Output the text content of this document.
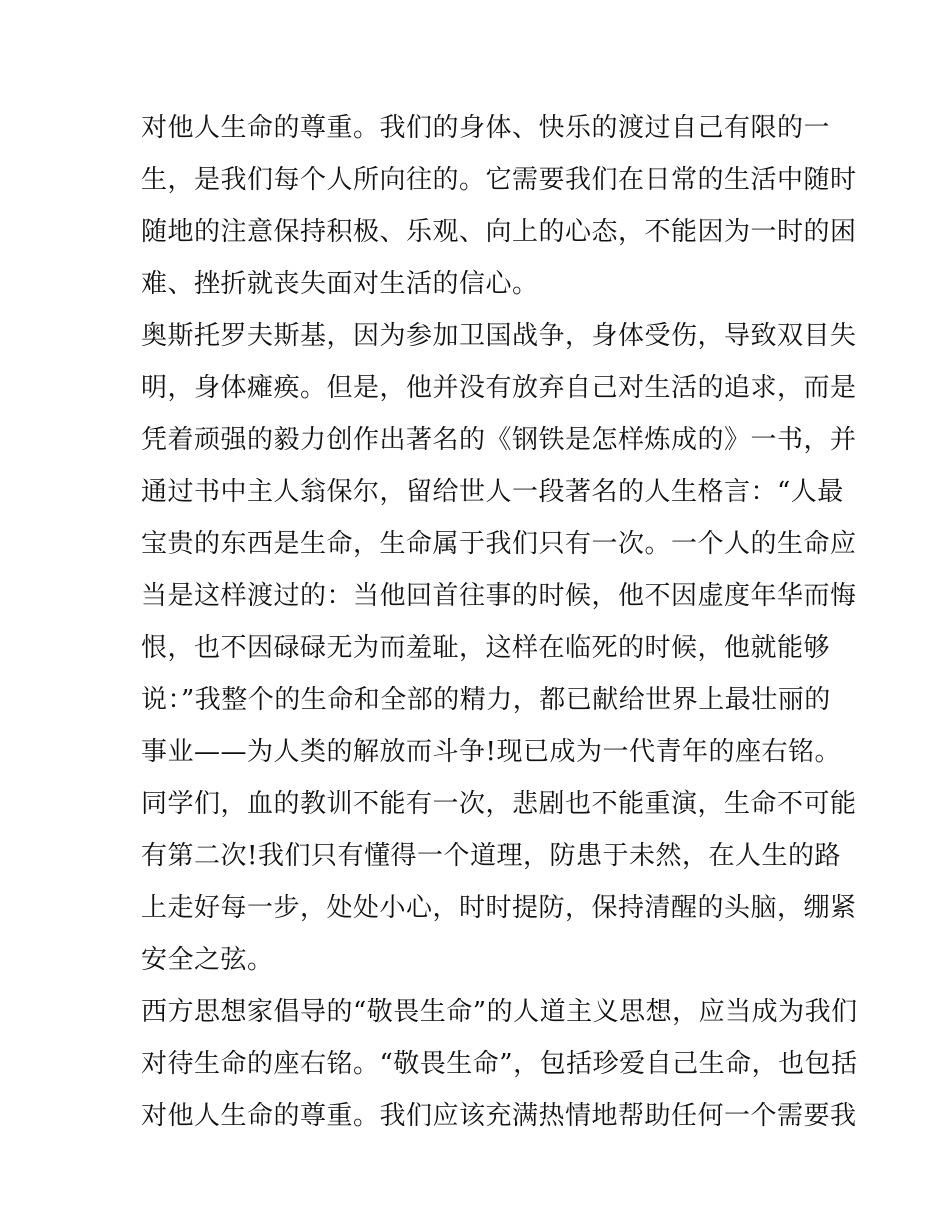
对他人生命的尊重。我们的身体、快乐的渡过自己有限的一
生，是我们每个人所向往的。它需要我们在日常的生活中随时
随地的注意保持积极、乐观、向上的心态，不能因为一时的困
难、挫折就丧失面对生活的信心。
奥斯托罗夫斯基，因为参加卫国战争，身体受伤，导致双目失
明，身体瘫痪。但是，他并没有放弃自己对生活的追求，而是
凭着顽强的毅力创作出著名的《钢铁是怎样炼成的》一书，并
通过书中主人翁保尔，留给世人一段著名的人生格言：“人最
宝贵的东西是生命，生命属于我们只有一次。一个人的生命应
当是这样渡过的：当他回首往事的时候，他不因虚度年华而悔
恨，也不因碌碌无为而羞耻，这样在临死的时候，他就能够
说：”我整个的生命和全部的精力，都已献给世界上最壮丽的
事业——为人类的解放而斗争!现已成为一代青年的座右铭。
同学们，血的教训不能有一次，悲剧也不能重演，生命不可能
有第二次!我们只有懂得一个道理，防患于未然，在人生的路
上走好每一步，处处小心，时时提防，保持清醒的头脑，绷紧
安全之弦。
西方思想家倡导的“敬畏生命”的人道主义思想，应当成为我们
对待生命的座右铭。“敬畏生命”，包括珍爱自己生命，也包括
对他人生命的尊重。我们应该充满热情地帮助任何一个需要我
